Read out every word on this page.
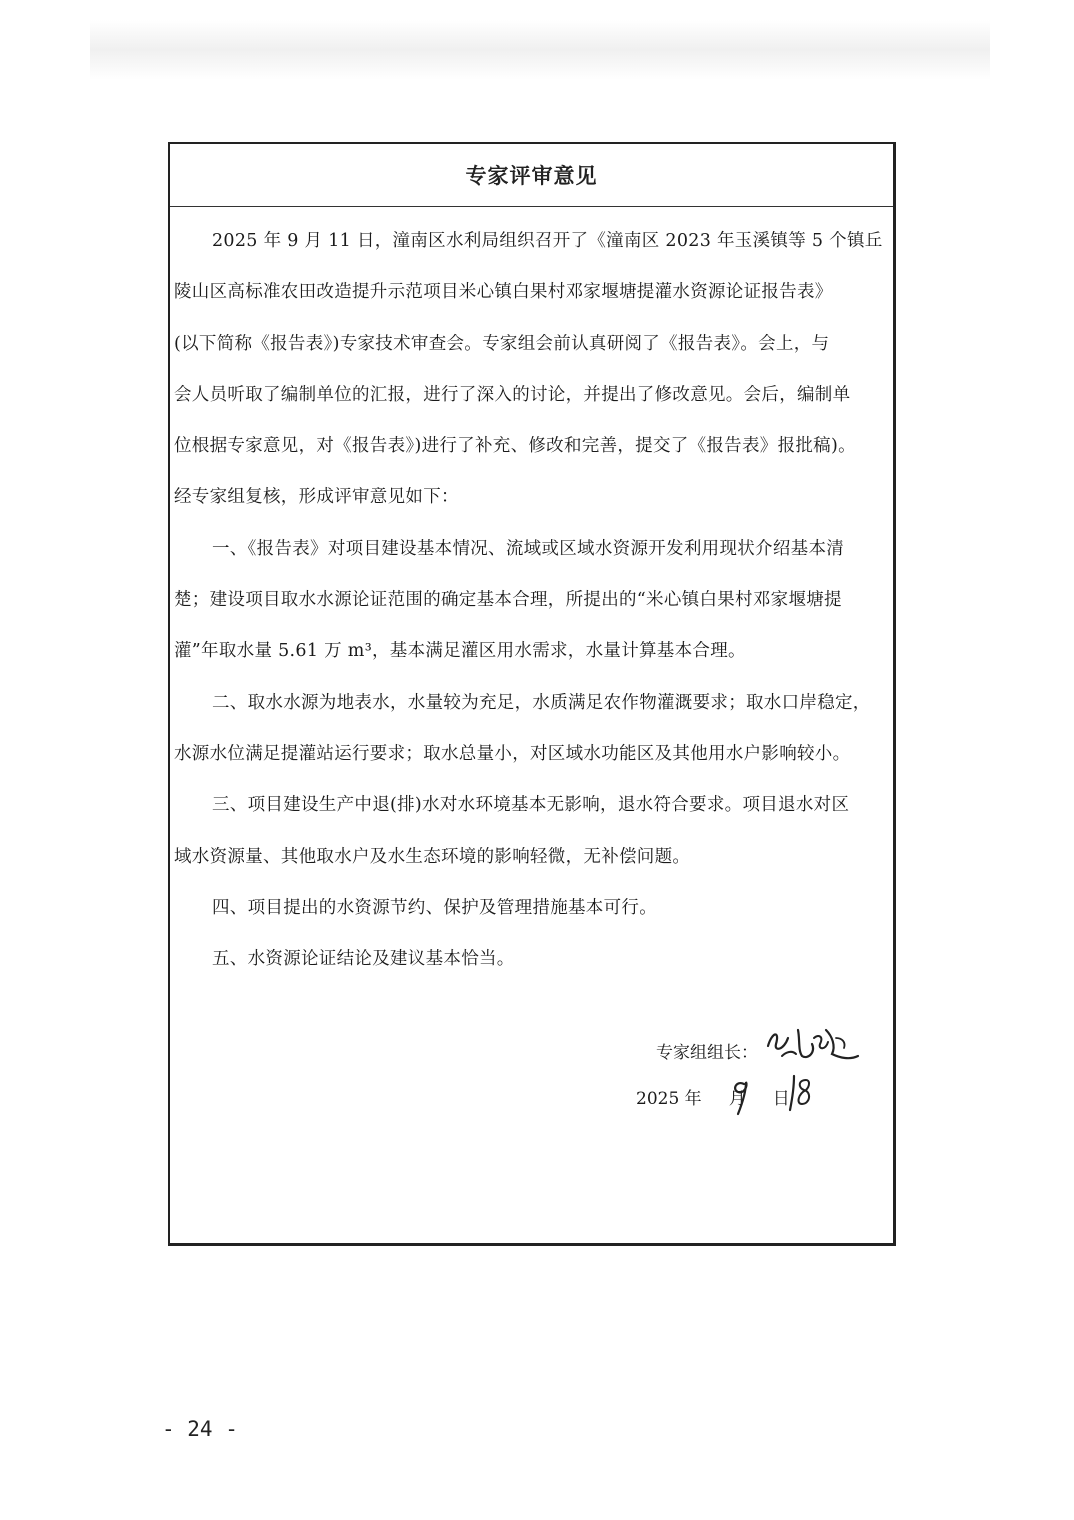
专家评审意见
2025 年 9 月 11 日，潼南区水利局组织召开了《潼南区 2023 年玉溪镇等 5 个镇丘
陵山区高标准农田改造提升示范项目米心镇白果村邓家堰塘提灌水资源论证报告表》
(以下简称《报告表》)专家技术审查会。专家组会前认真研阅了《报告表》。会上，与
会人员听取了编制单位的汇报，进行了深入的讨论，并提出了修改意见。会后，编制单
位根据专家意见，对《报告表》)进行了补充、修改和完善，提交了《报告表》报批稿)。
经专家组复核，形成评审意见如下：
一、《报告表》对项目建设基本情况、流域或区域水资源开发利用现状介绍基本清
楚；建设项目取水水源论证范围的确定基本合理，所提出的“米心镇白果村邓家堰塘提
灌”年取水量 5.61 万 m³，基本满足灌区用水需求，水量计算基本合理。
二、取水水源为地表水，水量较为充足，水质满足农作物灌溉要求；取水口岸稳定，
水源水位满足提灌站运行要求；取水总量小，对区域水功能区及其他用水户影响较小。
三、项目建设生产中退(排)水对水环境基本无影响，退水符合要求。项目退水对区
域水资源量、其他取水户及水生态环境的影响轻微，无补偿问题。
四、项目提出的水资源节约、保护及管理措施基本可行。
五、水资源论证结论及建议基本恰当。
专家组组长：
2025 年 月 日
- 24 -
